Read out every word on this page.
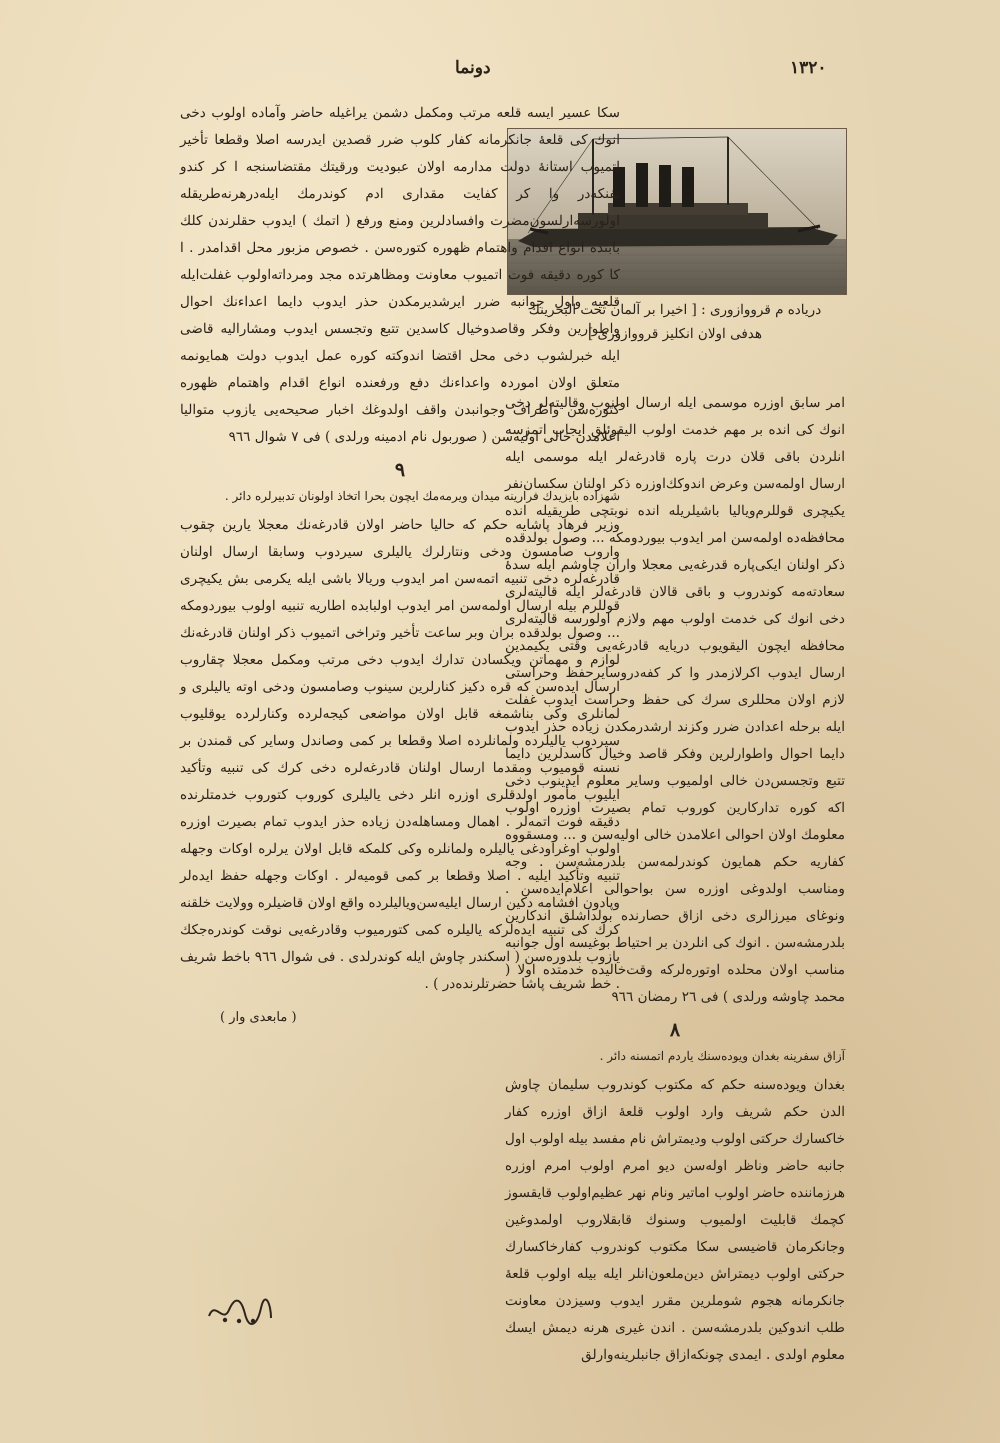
دونما	١٣٢٠
دریاده م قرووازوری : [ اخیرا بر آلمان تحت البحرینك
هدفی اولان انکلیز قرووازوری ]

سکا عسیر ایسه قلعه مرتب ومکمل دشمن یراغیله حاضر وآماده اولوب دخی انوك كی قلعهٔ جانکرمانه کفار کلوب ضرر قصدین ایدرسه اصلا وقطعا تأخیر اتمیوب استانهٔ دولت مدارمه اولان عبودیت ورقیتك مقتضاسنجه ا کر کندو تفنکه‌در وا کر کفایت مقداری ادم کوندرمك ایله‌درهرنه‌طریقله اولورسه‌ارلسون‌مضرت وافسادلرین ومنع ورفع ( اتمك ) ایدوب حقلرندن کلك بابنده انواع اقدام واهتمام ظهوره کتوره‌سن . خصوص مزبور محل اقدامدر . ا کا کوره دقیقه فوت اتمیوب معاونت ومظاهرتده مجد ومرداته‌اولوب غفلت‌ایله قلعیه واول جوانبه ضرر ایرشدیرمکدن حذر ایدوب دایما اعداءنك احوال واطوارین وفکر وقاصدوخیال کاسدین تتبع وتجسس ایدوب ومشارالیه قاضی ایله خبرلشوب دخی محل اقتضا اندوکته کوره عمل ایدوب دولت همایونمه متعلق اولان اموردہ واعداءنك دفع ورفعنده انواع اقدام واهتمام ظهوره کتوره‌سن واطراف وجوانبدن واقف اولدوغك اخبار صحیحه‌یی یازوب متوالیا اعلامدن خالی اولیه‌سن ( صوربول نام ادمینه ورلدی ) فی ٧ شوال ٩٦٦

٩
شهزاده بایزیدك فرارینه میدان ویرمه‌مك ایچون بحرا اتخاذ اولونان تدبیرلره دائر .

وزیر فرهاد پاشایه حکم که حالیا حاضر اولان قادرغه‌نك معجلا یارین چقوب واروب صامسون ودخی ونتارلرك یالیلری سیردوب وسابقا ارسال اولنان قادرغه‌لره دخی تنبیه اتمه‌سن امر ایدوب وریالا باشی ایله یکرمی بش یکیچری قوللرم بیله ارسال اولمه‌سن امر ایدوب اولبابده اطاریه تنبیه اولوب بیوردومکه ... وصول بولدقده بران وبر ساعت تأخیر وتراخی اتمیوب ذکر اولنان قادرغه‌نك لوازم و مهماتن ویکسادن تدارك ایدوب دخی مرتب ومکمل معجلا چقاروب ارسال ایده‌سن که قره دکیز کنارلرین سینوب وصامسون ودخی اوته یالیلری و لمانلری وکی بناشمغه قابل اولان مواضعی کیجه‌لرده وکنارلرده یوقلیوب سیردوب یالیلرده ولمانلرده اصلا وقطعا بر کمی وصاندل وسایر کی قمندن بر نسنه قومیوب ومقدما ارسال اولنان قادرغه‌لره دخی کرك کی تنبیه وتأکید ایلیوب مأمور اولدقلری اوزره انلر دخی یالیلری کوروب کتوروب خدمتلرنده دقیقه فوت اتمه‌لر . اهمال ومساهله‌دن زیاده حذر ایدوب تمام بصیرت اوزره اولوب اوغراودغی یالیلره ولمانلره وکی کلمکه قابل اولان یرلره اوکات وجهله تنبیه وتأکید ایلیه . اصلا وقطعا بر کمی قومیه‌لر . اوکات وجهله حفظ ایده‌لر وپادون افشامه دکین ارسال ایلیه‌سن‌ویالیلرده واقع اولان قاضیلره وولایت خلقنه کرك کی تنبیه ایده‌لرکه یالیلره کمی کتورمیوب وقادرغه‌یی نوقت کوندره‌جکك یازوب بلدوره‌سن ( اسکندر چاوش ایله کوندرلدی . فی شوال ٩٦٦ باخط شریف . خط شریف پاشا حضرتلرنده‌در ) .

( مابعدی وار )

امر سابق اوزره موسمی ایله ارسال اولنوب وقالیته‌لر دخی انوك کی انده بر مهم خدمت اولوب الیقوئلق ایجاب اتمزسه انلردن باقی قلان درت پاره قادرغه‌لر ایله موسمی ایله ارسال اولمه‌سن وعرض اندوکك‌اوزره ذکر اولنان سکسان‌نفر یکیچری قوللرم‌ویالیا باشیلریله انده نوبتچی طریقیله انده محافظه‌ده اولمه‌سن امر ایدوب بیوردومکه ... وصول بولدقده ذکر اولنان ایکی‌پاره قدرغه‌یی معجلا واران چاوشم ایله سدهٔ سعادته‌مه کوندروب و باقی قالان قادرغه‌لر ایله قالیته‌لری دخی انوك کی خدمت اولوب مهم ولازم اولورسه قالیته‌لری محافظه ایچون الیقویوب دریایه قادرغه‌یی وقتی یکیمدین ارسال ایدوب اکرلازمدر وا کر کفه‌دروسایرحفظ وحراستی لازم اولان محللری سرك کی حفظ وحراست ایدوب غفلت ایله برحله اعدادن ضرر وکزند ارشدرمکدن زیاده حذر ایدوب دایما احوال واطوارلرین وفکر قاصد وخیال کاسدلرین دایما تتبع وتجسس‌دن خالی اولمیوب وسایر معلوم ایدینوب دخی اکه کوره تدارکارین کوروب تمام بصیرت اوزره اولوب معلومك اولان احوالی اعلامدن خالی اولیه‌سن و ... ومسقووه کفاریه حکم همایون کوندرلمه‌سن بلدرمشه‌سن . وجه ومناسب اولدوغی اوزره سن بواحوالی اعلام‌ایده‌سن . ونوغای میرزالری دخی ازاق حصارنده بولداشلق اندکارین بلدرمشه‌سن . انوك کی انلردن بر احتیاط بوغیسه اول جوانبه مناسب اولان محلده اوتوره‌لرکه وقت‌خالیده خدمتده اولا ( محمد چاوشه ورلدی ) فی ٢٦ رمضان ٩٦٦

٨
آزاق سفرینه بغدان ویوده‌سنك یاردم اتمسنه دائر .

بغدان ویوده‌سنه حکم که مکتوب کوندروب سلیمان چاوش الدن حکم شریف وارد اولوب قلعهٔ ازاق اوزره کفار خاکسارك حرکتی اولوب ودیمتراش نام مفسد بیله اولوب اول جانبه حاضر وناظر اوله‌سن دیو امرم اولوب امرم اوزره هرزماننده حاضر اولوب اماتیر ونام نهر عظیم‌اولوب قایقسوز کچمك قابلیت اولمیوب وسنوك قابقلاروب اولمدوغین وجانکرمان قاضیسی سکا مکتوب کوندروب کفارخاکسارك حرکتی اولوب دیمتراش دین‌ملعون‌انلر ایله بیله اولوب قلعهٔ جانکرمانه هجوم شوملرین مقرر ایدوب وسیزدن معاونت طلب اندوکین بلدرمشه‌سن . اندن غیری هرنه دیمش ایسك معلوم اولدی . ایمدی چونکه‌ازاق جانبلرینه‌وارلق
